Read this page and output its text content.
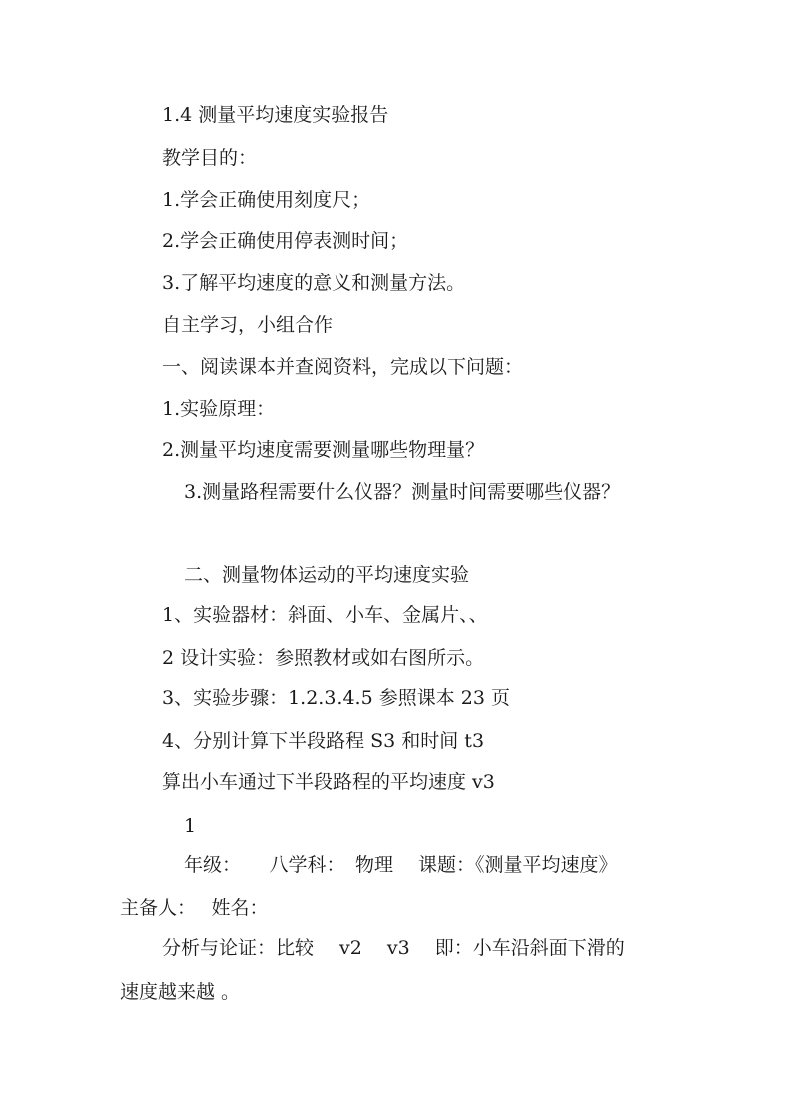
1.4 测量平均速度实验报告
教学目的：
1.学会正确使用刻度尺；
2.学会正确使用停表测时间；
3.了解平均速度的意义和测量方法。
自主学习，小组合作
一、阅读课本并查阅资料，完成以下问题：
1.实验原理：
2.测量平均速度需要测量哪些物理量？
3.测量路程需要什么仪器？测量时间需要哪些仪器？
二、测量物体运动的平均速度实验
1、实验器材：斜面、小车、金属片、、
2 设计实验：参照教材或如右图所示。
3、实验步骤：1.2.3.4.5 参照课本 23 页
4、分别计算下半段路程 S3 和时间 t3
算出小车通过下半段路程的平均速度 v3
1
年级：　　八学科：　物理　 课题：《测量平均速度》
主备人：　 姓名：
分析与论证：比较　 v2　 v3　 即：小车沿斜面下滑的
速度越来越 。
